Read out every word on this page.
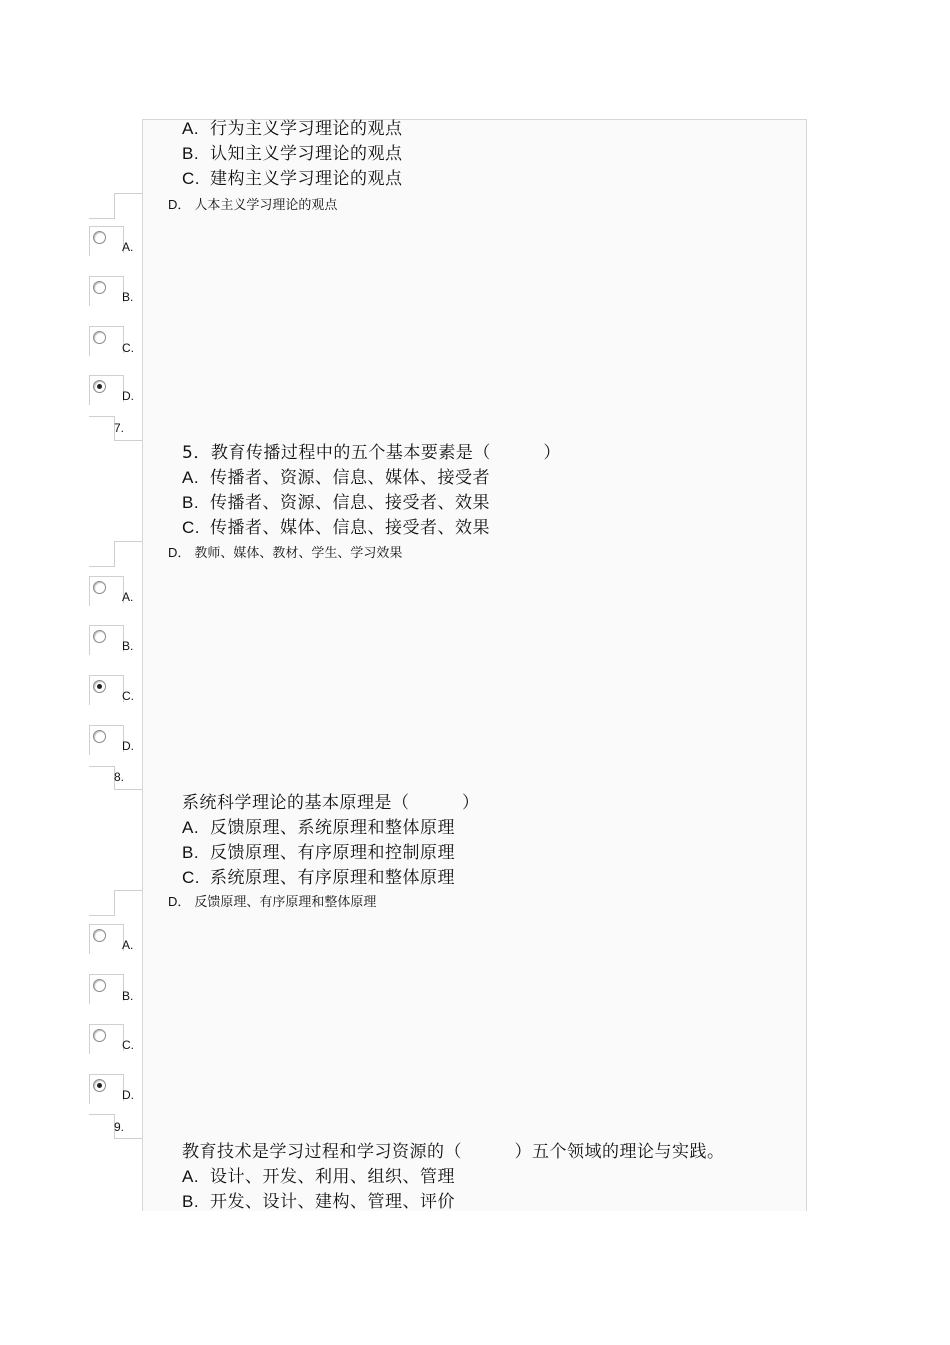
A. 行为主义学习理论的观点
B. 认知主义学习理论的观点
C. 建构主义学习理论的观点
D． 人本主义学习理论的观点
A.
B.
C.
D.
7.
5．教育传播过程中的五个基本要素是（　　　）
A. 传播者、资源、信息、媒体、接受者
B. 传播者、资源、信息、接受者、效果
C. 传播者、媒体、信息、接受者、效果
D． 教师、媒体、教材、学生、学习效果
A.
B.
C.
D.
8.
系统科学理论的基本原理是（　　　）
A. 反馈原理、系统原理和整体原理
B. 反馈原理、有序原理和控制原理
C. 系统原理、有序原理和整体原理
D． 反馈原理、有序原理和整体原理
A.
B.
C.
D.
9.
教育技术是学习过程和学习资源的（　　　）五个领域的理论与实践。
A. 设计、开发、利用、组织、管理
B. 开发、设计、建构、管理、评价
